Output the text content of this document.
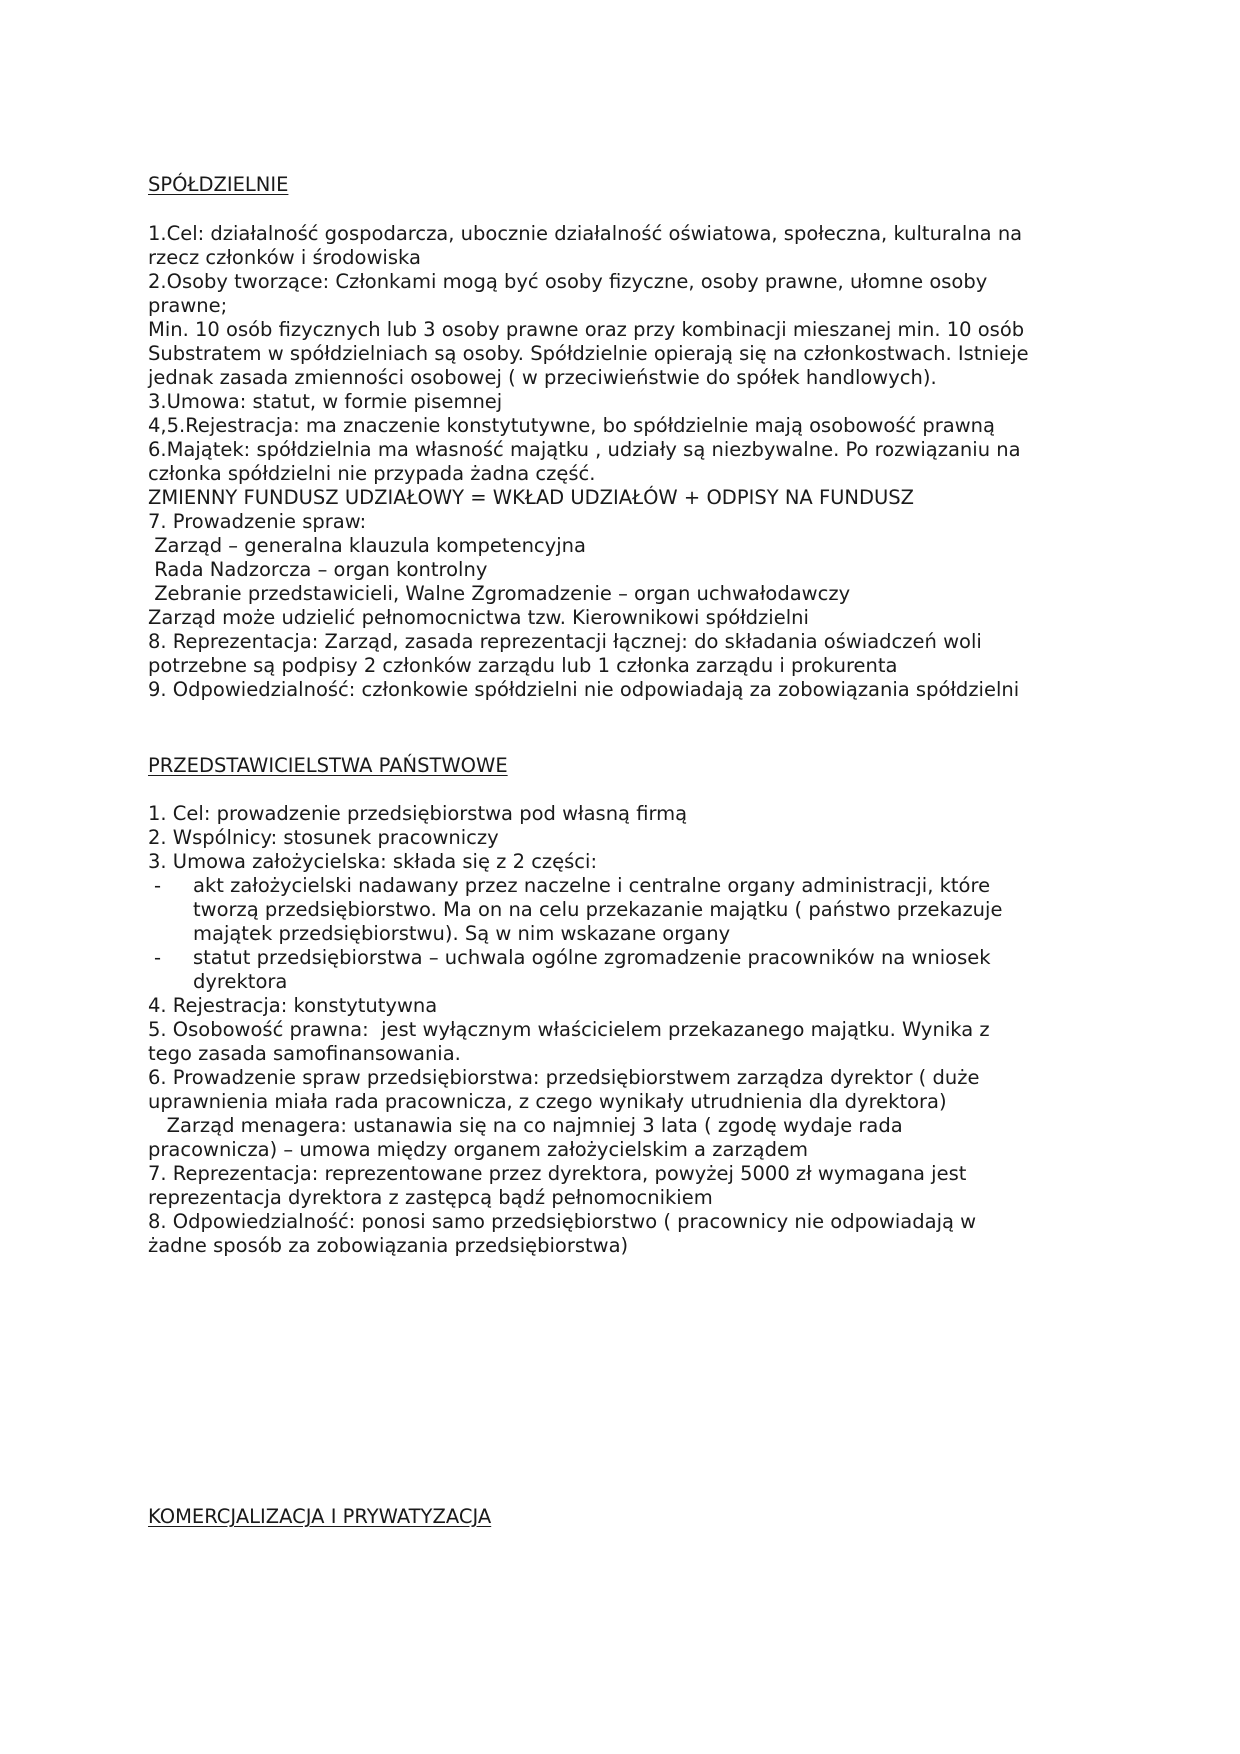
SPÓŁDZIELNIE
1.Cel: działalność gospodarcza, ubocznie działalność oświatowa, społeczna, kulturalna na
rzecz członków i środowiska
2.Osoby tworzące: Członkami mogą być osoby fizyczne, osoby prawne, ułomne osoby
prawne;
Min. 10 osób fizycznych lub 3 osoby prawne oraz przy kombinacji mieszanej min. 10 osób
Substratem w spółdzielniach są osoby. Spółdzielnie opierają się na członkostwach. Istnieje
jednak zasada zmienności osobowej ( w przeciwieństwie do spółek handlowych).
3.Umowa: statut, w formie pisemnej
4,5.Rejestracja: ma znaczenie konstytutywne, bo spółdzielnie mają osobowość prawną
6.Majątek: spółdzielnia ma własność majątku , udziały są niezbywalne. Po rozwiązaniu na
członka spółdzielni nie przypada żadna część.
ZMIENNY FUNDUSZ UDZIAŁOWY = WKŁAD UDZIAŁÓW + ODPISY NA FUNDUSZ
7. Prowadzenie spraw:
Zarząd – generalna klauzula kompetencyjna
Rada Nadzorcza – organ kontrolny
Zebranie przedstawicieli, Walne Zgromadzenie – organ uchwałodawczy
Zarząd może udzielić pełnomocnictwa tzw. Kierownikowi spółdzielni
8. Reprezentacja: Zarząd, zasada reprezentacji łącznej: do składania oświadczeń woli
potrzebne są podpisy 2 członków zarządu lub 1 członka zarządu i prokurenta
9. Odpowiedzialność: członkowie spółdzielni nie odpowiadają za zobowiązania spółdzielni
PRZEDSTAWICIELSTWA PAŃSTWOWE
1. Cel: prowadzenie przedsiębiorstwa pod własną firmą
2. Wspólnicy: stosunek pracowniczy
3. Umowa założycielska: składa się z 2 części:
- akt założycielski nadawany przez naczelne i centralne organy administracji, które
tworzą przedsiębiorstwo. Ma on na celu przekazanie majątku ( państwo przekazuje
majątek przedsiębiorstwu). Są w nim wskazane organy
- statut przedsiębiorstwa – uchwala ogólne zgromadzenie pracowników na wniosek
dyrektora
4. Rejestracja: konstytutywna
5. Osobowość prawna:  jest wyłącznym właścicielem przekazanego majątku. Wynika z
tego zasada samofinansowania.
6. Prowadzenie spraw przedsiębiorstwa: przedsiębiorstwem zarządza dyrektor ( duże
uprawnienia miała rada pracownicza, z czego wynikały utrudnienia dla dyrektora)
Zarząd menagera: ustanawia się na co najmniej 3 lata ( zgodę wydaje rada
pracownicza) – umowa między organem założycielskim a zarządem
7. Reprezentacja: reprezentowane przez dyrektora, powyżej 5000 zł wymagana jest
reprezentacja dyrektora z zastępcą bądź pełnomocnikiem
8. Odpowiedzialność: ponosi samo przedsiębiorstwo ( pracownicy nie odpowiadają w
żadne sposób za zobowiązania przedsiębiorstwa)
KOMERCJALIZACJA I PRYWATYZACJA
